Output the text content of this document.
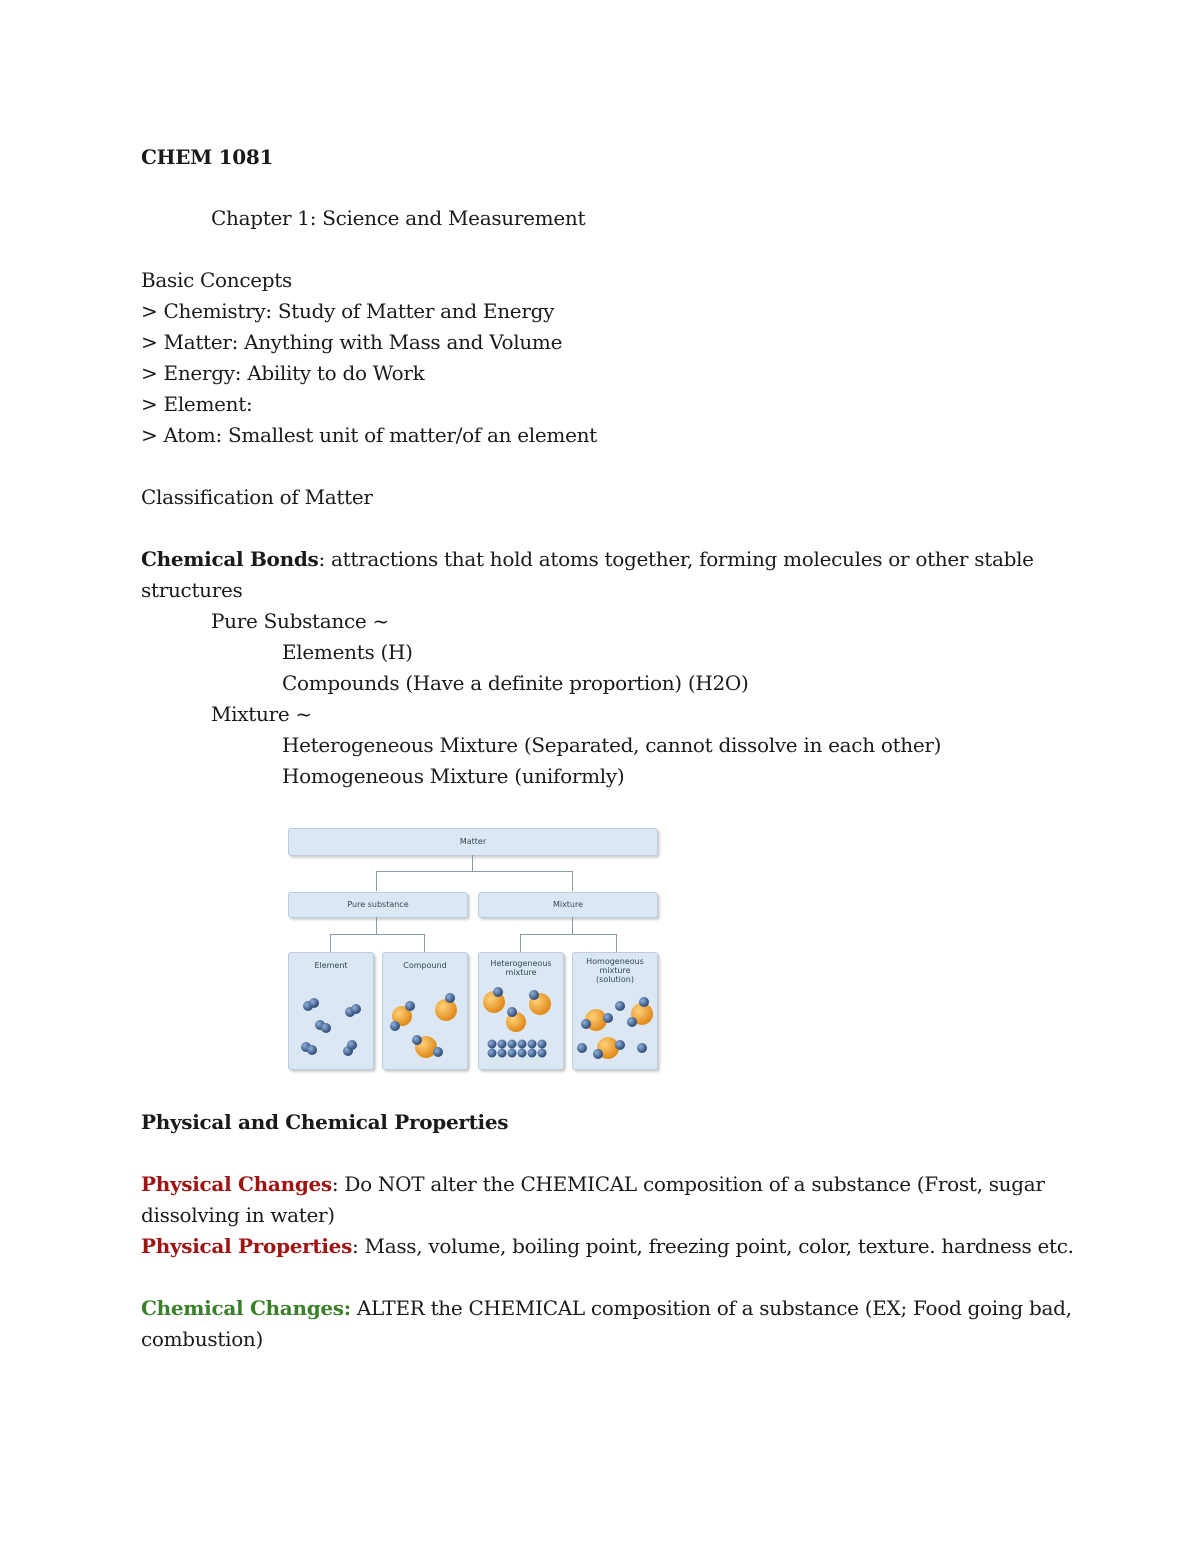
CHEM 1081
Chapter 1: Science and Measurement
Basic Concepts
> Chemistry: Study of Matter and Energy
> Matter: Anything with Mass and Volume
> Energy: Ability to do Work
> Element:
> Atom: Smallest unit of matter/of an element
Classification of Matter
Chemical Bonds: attractions that hold atoms together, forming molecules or other stable
structures
Pure Substance ~
Elements (H)
Compounds (Have a definite proportion) (H2O)
Mixture ~
Heterogeneous Mixture (Separated, cannot dissolve in each other)
Homogeneous Mixture (uniformly)
Matter
Pure substance	Mixture
Element	Compound	Heterogeneous
mixture
Homogeneous
mixture
(solution)
Physical and Chemical Properties
Physical Changes: Do NOT alter the CHEMICAL composition of a substance (Frost, sugar
dissolving in water)
Physical Properties: Mass, volume, boiling point, freezing point, color, texture. hardness etc.
Chemical Changes: ALTER the CHEMICAL composition of a substance (EX; Food going bad,
combustion)
